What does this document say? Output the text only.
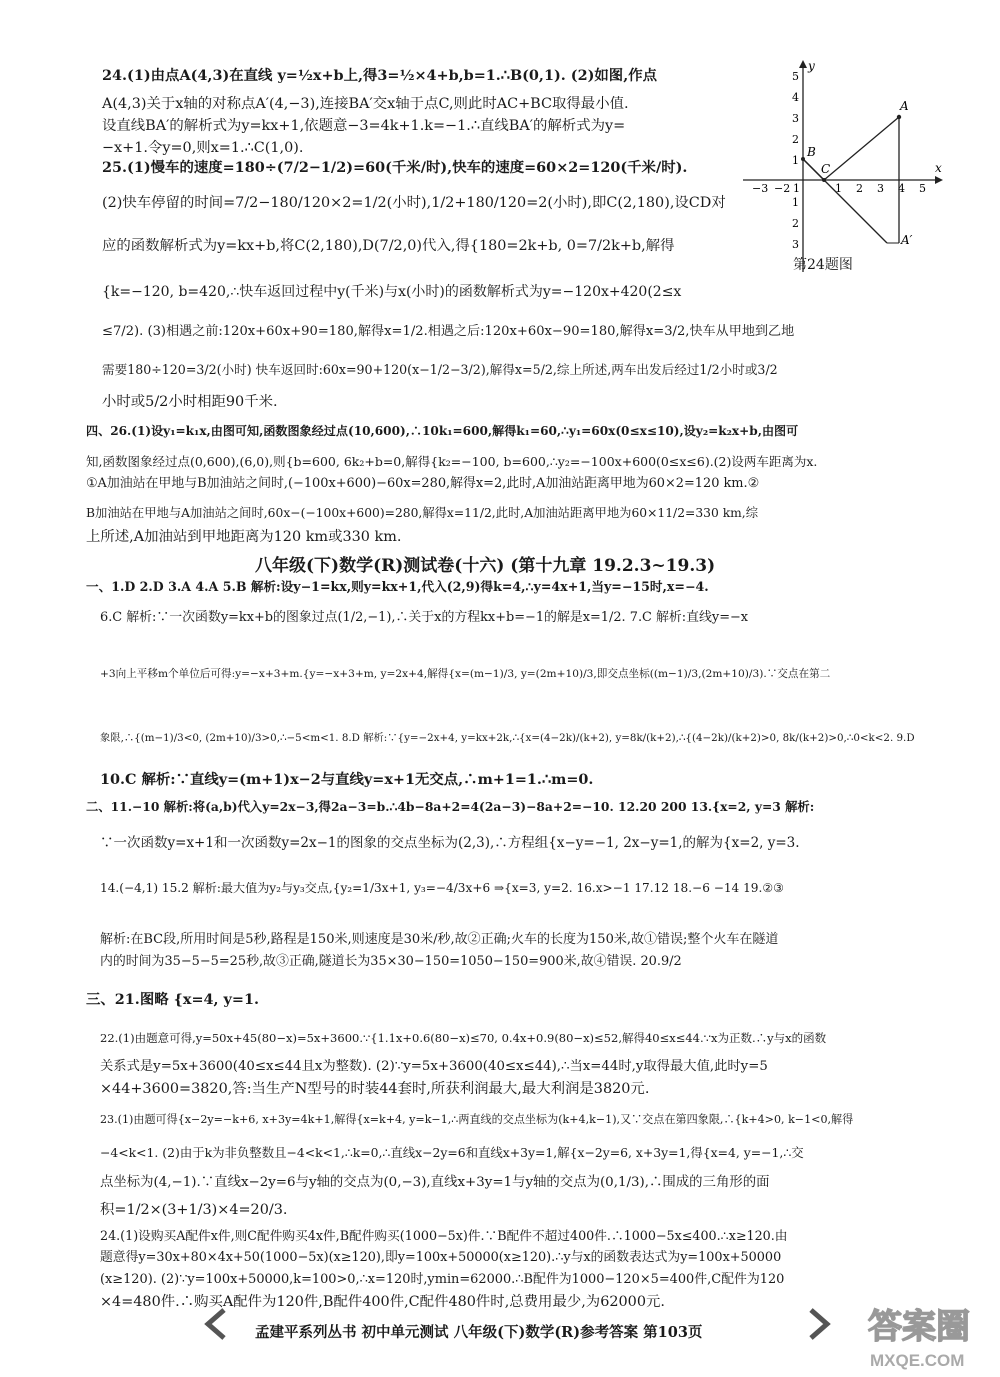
24.(1)由点A(4,3)在直线 y=½x+b上,得3=½×4+b,b=1.∴B(0,1). (2)如图,作点
A(4,3)关于x轴的对称点A′(4,−3),连接BA′交x轴于点C,则此时AC+BC取得最小值.
设直线BA′的解析式为y=kx+1,依题意−3=4k+1.k=−1.∴直线BA′的解析式为y=
−x+1.令y=0,则x=1.∴C(1,0).
25.(1)慢车的速度=180÷(7/2−1/2)=60(千米/时),快车的速度=60×2=120(千米/时).
(2)快车停留的时间=7/2−180/120×2=1/2(小时),1/2+180/120=2(小时),即C(2,180),设CD对
应的函数解析式为y=kx+b,将C(2,180),D(7/2,0)代入,得{180=2k+b, 0=7/2k+b,解得
{k=−120, b=420,∴快车返回过程中y(千米)与x(小时)的函数解析式为y=−120x+420(2≤x
≤7/2). (3)相遇之前:120x+60x+90=180,解得x=1/2.相遇之后:120x+60x−90=180,解得x=3/2,快车从甲地到乙地
需要180÷120=3/2(小时) 快车返回时:60x=90+120(x−1/2−3/2),解得x=5/2,综上所述,两车出发后经过1/2小时或3/2
小时或5/2小时相距90千米.
x
y
−3 −2 1	1 2 3 4 5
5
4
3
2
1
1
2
3
A
B
C
A′
第24题图
四、26.(1)设y₁=k₁x,由图可知,函数图象经过点(10,600),∴10k₁=600,解得k₁=60,∴y₁=60x(0≤x≤10),设y₂=k₂x+b,由图可
知,函数图象经过点(0,600),(6,0),则{b=600, 6k₂+b=0,解得{k₂=−100, b=600,∴y₂=−100x+600(0≤x≤6).(2)设两车距离为x.
①A加油站在甲地与B加油站之间时,(−100x+600)−60x=280,解得x=2,此时,A加油站距离甲地为60×2=120 km.②
B加油站在甲地与A加油站之间时,60x−(−100x+600)=280,解得x=11/2,此时,A加油站距离甲地为60×11/2=330 km,综
上所述,A加油站到甲地距离为120 km或330 km.
八年级(下)数学(R)测试卷(十六) (第十九章 19.2.3~19.3)
一、1.D 2.D 3.A 4.A 5.B 解析:设y−1=kx,则y=kx+1,代入(2,9)得k=4,∴y=4x+1,当y=−15时,x=−4.
6.C 解析:∵一次函数y=kx+b的图象过点(1/2,−1),∴关于x的方程kx+b=−1的解是x=1/2. 7.C 解析:直线y=−x
+3向上平移m个单位后可得:y=−x+3+m.{y=−x+3+m, y=2x+4,解得{x=(m−1)/3, y=(2m+10)/3,即交点坐标((m−1)/3,(2m+10)/3).∵交点在第二
象限,∴{(m−1)/3<0, (2m+10)/3>0,∴−5<m<1. 8.D 解析:∵{y=−2x+4, y=kx+2k,∴{x=(4−2k)/(k+2), y=8k/(k+2),∴{(4−2k)/(k+2)>0, 8k/(k+2)>0,∴0<k<2. 9.D
10.C 解析:∵直线y=(m+1)x−2与直线y=x+1无交点,∴m+1=1.∴m=0.
二、11.−10 解析:将(a,b)代入y=2x−3,得2a−3=b.∴4b−8a+2=4(2a−3)−8a+2=−10. 12.20 200 13.{x=2, y=3 解析:
∵一次函数y=x+1和一次函数y=2x−1的图象的交点坐标为(2,3),∴方程组{x−y=−1, 2x−y=1,的解为{x=2, y=3.
14.(−4,1) 15.2 解析:最大值为y₂与y₃交点,{y₂=1/3x+1, y₃=−4/3x+6 ⇒{x=3, y=2. 16.x>−1 17.12 18.−6 −14 19.②③
解析:在BC段,所用时间是5秒,路程是150米,则速度是30米/秒,故②正确;火车的长度为150米,故①错误;整个火车在隧道
内的时间为35−5−5=25秒,故③正确,隧道长为35×30−150=1050−150=900米,故④错误. 20.9/2
三、21.图略 {x=4, y=1.
22.(1)由题意可得,y=50x+45(80−x)=5x+3600.∵{1.1x+0.6(80−x)≤70, 0.4x+0.9(80−x)≤52,解得40≤x≤44.∵x为正数.∴y与x的函数
关系式是y=5x+3600(40≤x≤44且x为整数). (2)∵y=5x+3600(40≤x≤44),∴当x=44时,y取得最大值,此时y=5
×44+3600=3820,答:当生产N型号的时装44套时,所获利润最大,最大利润是3820元.
23.(1)由题可得{x−2y=−k+6, x+3y=4k+1,解得{x=k+4, y=k−1,∴两直线的交点坐标为(k+4,k−1),又∵交点在第四象限,∴{k+4>0, k−1<0,解得
−4<k<1. (2)由于k为非负整数且−4<k<1,∴k=0,∴直线x−2y=6和直线x+3y=1,解{x−2y=6, x+3y=1,得{x=4, y=−1,∴交
点坐标为(4,−1).∵直线x−2y=6与y轴的交点为(0,−3),直线x+3y=1与y轴的交点为(0,1/3),∴围成的三角形的面
积=1/2×(3+1/3)×4=20/3.
24.(1)设购买A配件x件,则C配件购买4x件,B配件购买(1000−5x)件.∵B配件不超过400件.∴1000−5x≤400.∴x≥120.由
题意得y=30x+80×4x+50(1000−5x)(x≥120),即y=100x+50000(x≥120).∴y与x的函数表达式为y=100x+50000
(x≥120). (2)∵y=100x+50000,k=100>0,∴x=120时,ymin=62000.∴B配件为1000−120×5=400件,C配件为120
×4=480件.∴购买A配件为120件,B配件400件,C配件480件时,总费用最少,为62000元.
孟建平系列丛书 初中单元测试 八年级(下)数学(R)参考答案 第103页	答案圈
MXQE.COM
